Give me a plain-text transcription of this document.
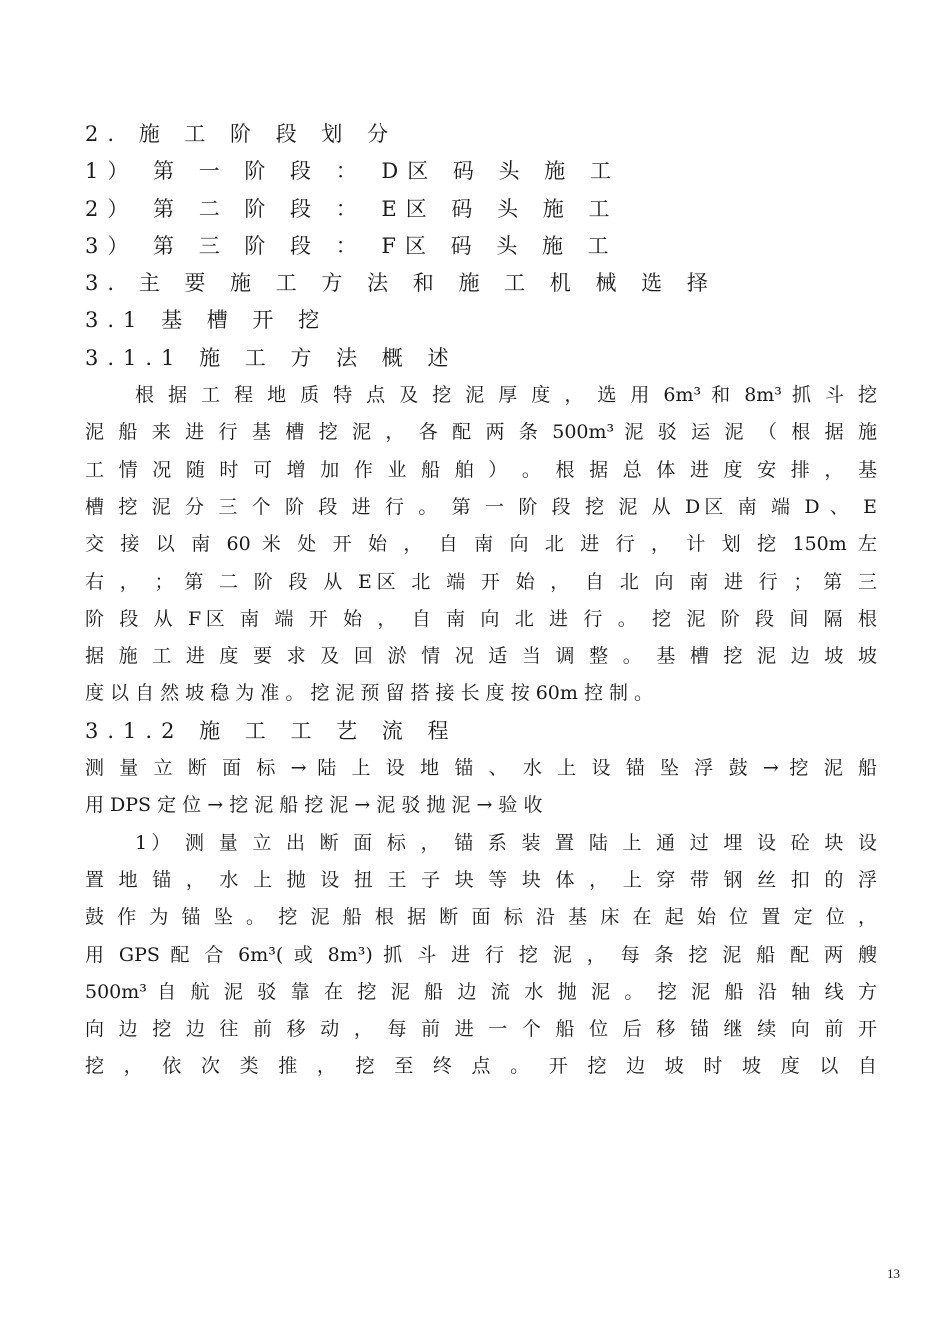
2. 施 工 阶 段 划 分
1） 第 一 阶 段 ： D区 码 头 施 工
2） 第 二 阶 段 ： E区 码 头 施 工
3） 第 三 阶 段 ： F区 码 头 施 工
3. 主 要 施 工 方 法 和 施 工 机 械 选 择
3.1 基 槽 开 挖
3.1.1 施 工 方 法 概 述
根 据 工 程 地 质 特 点 及 挖 泥 厚 度 ， 选 用 6m³ 和 8m³ 抓 斗 挖
泥 船 来 进 行 基 槽 挖 泥 ， 各 配 两 条 500m³ 泥 驳 运 泥 （ 根 据 施
工 情 况 随 时 可 增 加 作 业 船 舶 ） 。 根 据 总 体 进 度 安 排 ， 基
槽 挖 泥 分 三 个 阶 段 进 行 。 第 一 阶 段 挖 泥 从 D区 南 端 D 、 E
交 接 以 南 60 米 处 开 始 ， 自 南 向 北 进 行 ， 计 划 挖 150m 左
右 ， ； 第 二 阶 段 从 E区 北 端 开 始 ， 自 北 向 南 进 行 ； 第 三
阶 段 从 F区 南 端 开 始 ， 自 南 向 北 进 行 。 挖 泥 阶 段 间 隔 根
据 施 工 进 度 要 求 及 回 淤 情 况 适 当 调 整 。 基 槽 挖 泥 边 坡 坡
度 以 自 然 坡 稳 为 准 。 挖 泥 预 留 搭 接 长 度 按 60m 控 制 。
3.1.2 施 工 工 艺 流 程
测 量 立 断 面 标 → 陆 上 设 地 锚 、 水 上 设 锚 坠 浮 鼓 → 挖 泥 船
用 DPS 定 位 → 挖 泥 船 挖 泥 → 泥 驳 抛 泥 → 验 收
1） 测 量 立 出 断 面 标 ， 锚 系 装 置 陆 上 通 过 埋 设 砼 块 设
置 地 锚 ， 水 上 抛 设 扭 王 子 块 等 块 体 ， 上 穿 带 钢 丝 扣 的 浮
鼓 作 为 锚 坠 。 挖 泥 船 根 据 断 面 标 沿 基 床 在 起 始 位 置 定 位 ，
用 GPS 配 合 6m³( 或 8m³) 抓 斗 进 行 挖 泥 ， 每 条 挖 泥 船 配 两 艘
500m³ 自 航 泥 驳 靠 在 挖 泥 船 边 流 水 抛 泥 。 挖 泥 船 沿 轴 线 方
向 边 挖 边 往 前 移 动 ， 每 前 进 一 个 船 位 后 移 锚 继 续 向 前 开
挖 ， 依 次 类 推 ， 挖 至 终 点 。 开 挖 边 坡 时 坡 度 以 自
13
